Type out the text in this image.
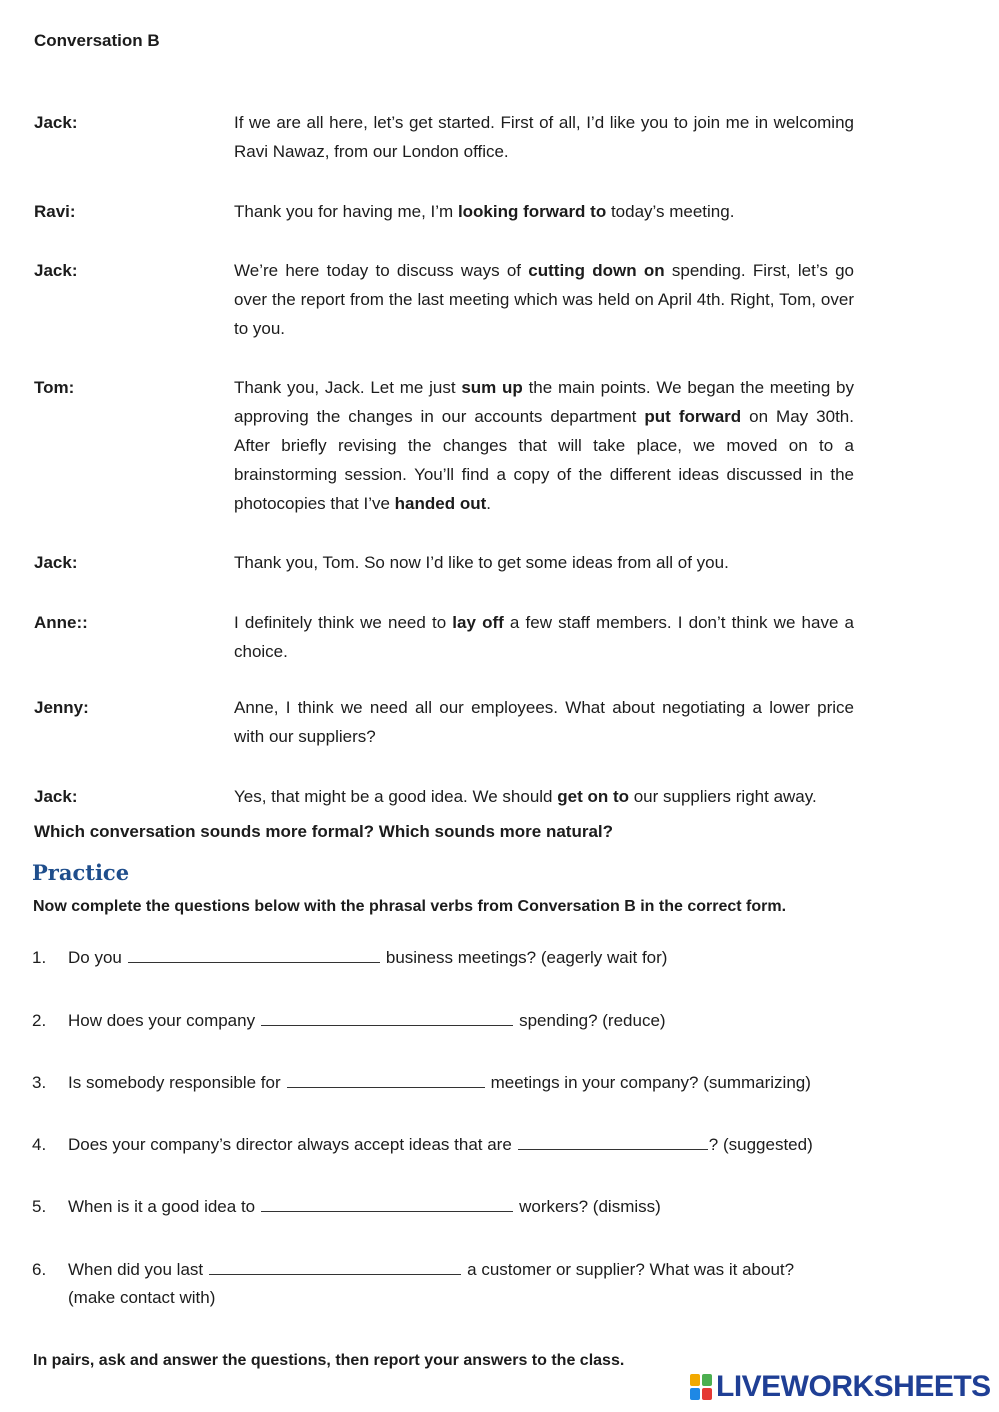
Conversation B
Jack:	If we are all here, let’s get started. First of all, I’d like you to join me in welcoming Ravi Nawaz, from our London office.
Ravi:	Thank you for having me, I’m looking forward to today’s meeting.
Jack:	We’re here today to discuss ways of cutting down on spending. First, let’s go over the report from the last meeting which was held on April 4th. Right, Tom, over to you.
Tom:	Thank you, Jack. Let me just sum up the main points. We began the meeting by approving the changes in our accounts department put forward on May 30th. After briefly revising the changes that will take place, we moved on to a brainstorming session. You’ll find a copy of the different ideas discussed in the photocopies that I’ve handed out.
Jack:	Thank you, Tom. So now I’d like to get some ideas from all of you.
Anne::	I definitely think we need to lay off a few staff members. I don’t think we have a choice.
Jenny:	Anne, I think we need all our employees. What about negotiating a lower price with our suppliers?
Jack:	Yes, that might be a good idea. We should get on to our suppliers right away.
Which conversation sounds more formal? Which sounds more natural?
Practice
Now complete the questions below with the phrasal verbs from Conversation B in the correct form.
1. Do you	business meetings? (eagerly wait for)
2. How does your company	spending? (reduce)
3. Is somebody responsible for	meetings in your company? (summarizing)
4. Does your company’s director always accept ideas that are	? (suggested)
5. When is it a good idea to	workers? (dismiss)
6. When did you last	a customer or supplier? What was it about?
(make contact with)
In pairs, ask and answer the questions, then report your answers to the class.
LIVEWORKSHEETS
